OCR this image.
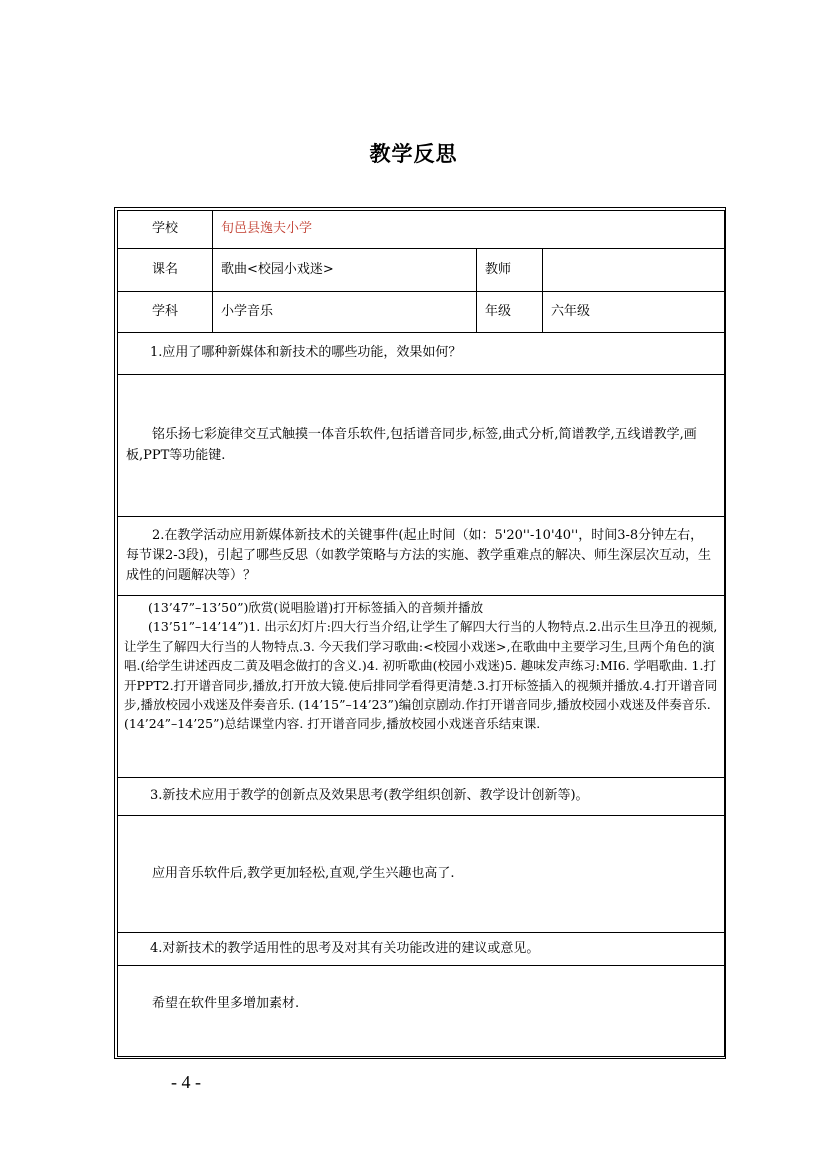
教学反思
学校	旬邑县逸夫小学		
课名	歌曲<校园小戏迷>	教师	
学科	小学音乐	年级	六年级
1.应用了哪种新媒体和新技术的哪些功能，效果如何？			
铭乐扬七彩旋律交互式触摸一体音乐软件,包括谱音同步,标签,曲式分析,简谱教学,五线谱教学,画板,PPT等功能键.			
2.在教学活动应用新媒体新技术的关键事件(起止时间（如：5'20''-10'40''，时间3-8分钟左右，每节课2-3段)，引起了哪些反思（如教学策略与方法的实施、教学重难点的解决、师生深层次互动，生成性的问题解决等）？			

(13’47”–13’50”)欣赏(说唱脸谱)打开标签插入的音频并播放

(13’51”–14’14”)1. 出示幻灯片:四大行当介绍,让学生了解四大行当的人物特点.2.出示生旦净丑的视频,让学生了解四大行当的人物特点.3. 今天我们学习歌曲:<校园小戏迷>,在歌曲中主要学习生,旦两个角色的演唱.(给学生讲述西皮二黄及唱念做打的含义.)4. 初听歌曲(校园小戏迷)5. 趣味发声练习:MI6. 学唱歌曲. 1.打开PPT2.打开谱音同步,播放,打开放大镜.使后排同学看得更清楚.3.打开标签插入的视频并播放.4.打开谱音同步,播放校园小戏迷及伴奏音乐. (14’15”–14’23”)编创京剧动.作打开谱音同步,播放校园小戏迷及伴奏音乐. (14’24”–14’25”)总结课堂内容. 打开谱音同步,播放校园小戏迷音乐结束课.			

3.新技术应用于教学的创新点及效果思考(教学组织创新、教学设计创新等)。			
应用音乐软件后,教学更加轻松,直观,学生兴趣也高了.			
4.对新技术的教学适用性的思考及对其有关功能改进的建议或意见。			
希望在软件里多增加素材.			
- 4 -
